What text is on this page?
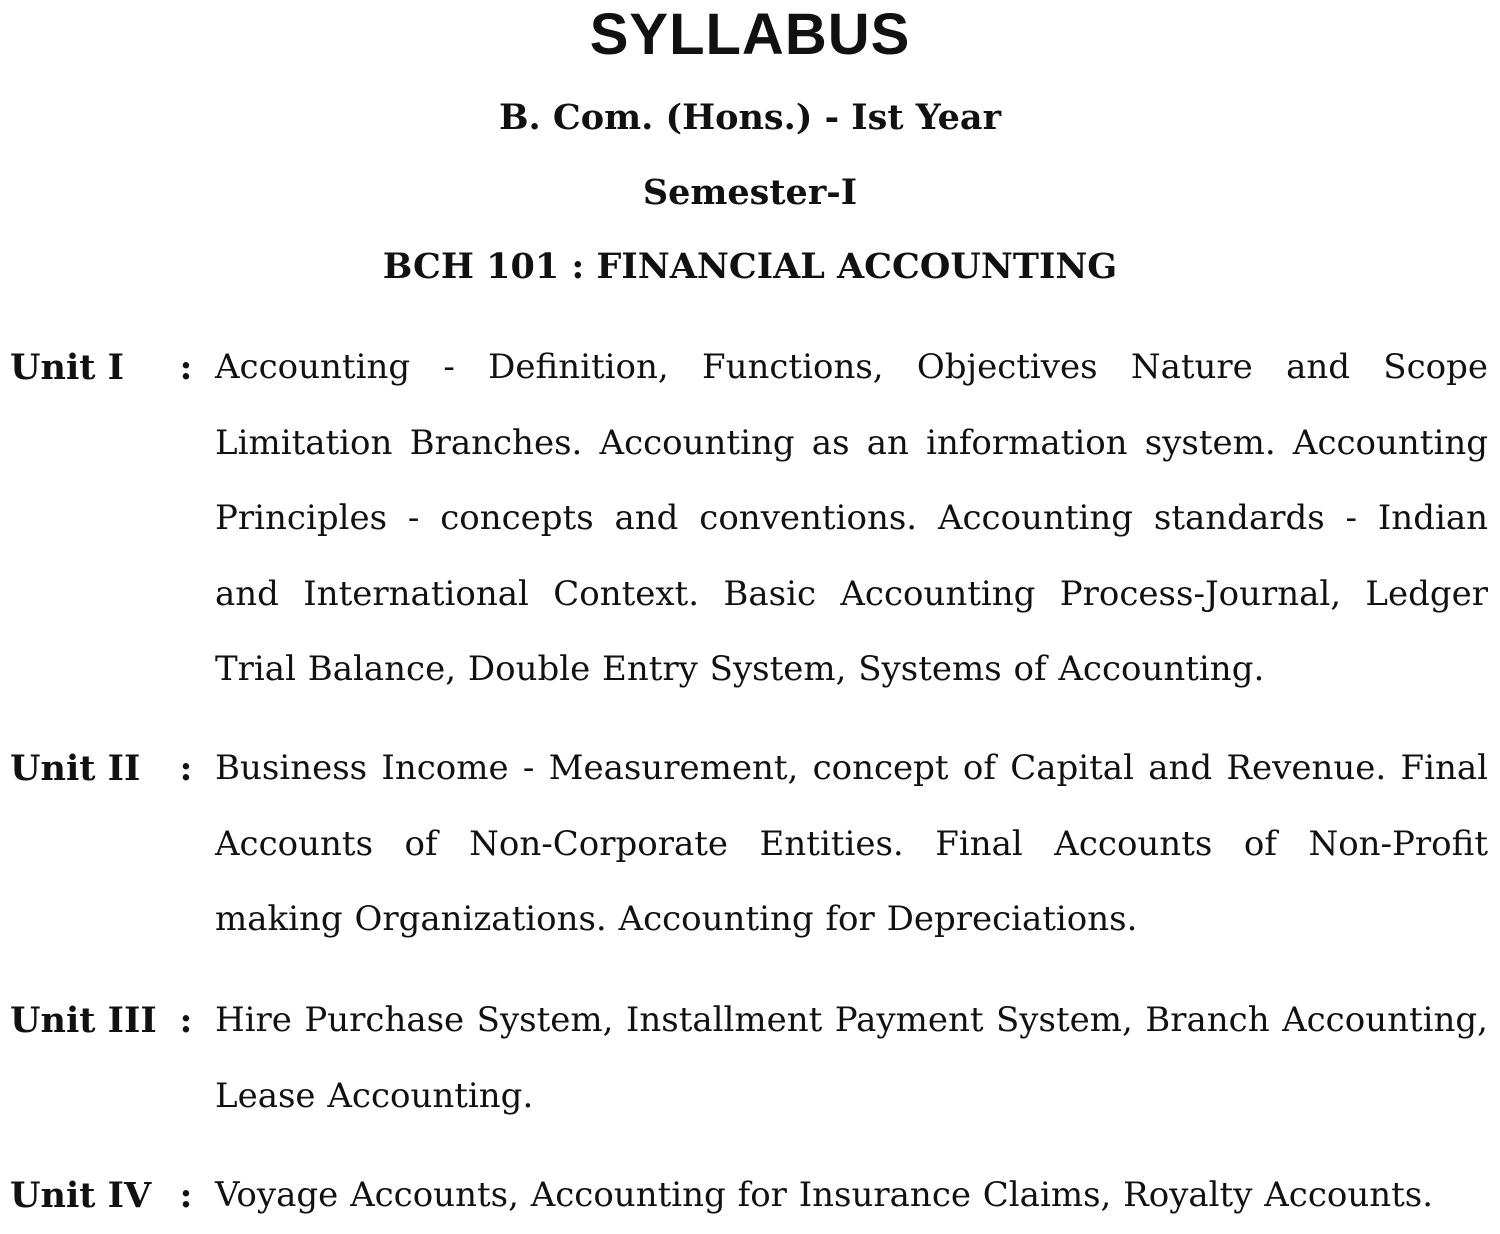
SYLLABUS
B. Com. (Hons.) - Ist Year
Semester-I
BCH 101 : FINANCIAL ACCOUNTING
Unit I	: Accounting - Definition, Functions, Objectives Nature and Scope Limitation Branches. Accounting as an information system. Accounting Principles - concepts and conventions. Accounting standards - Indian and International Context. Basic Accounting Process-Journal, Ledger Trial Balance, Double Entry System, Systems of Accounting.
Unit II	: Business Income - Measurement, concept of Capital and Revenue. Final Accounts of Non-Corporate Entities. Final Accounts of Non-Profit making Organizations. Accounting for Depreciations.
Unit III : Hire Purchase System, Installment Payment System, Branch Accounting, Lease Accounting.
Unit IV : Voyage Accounts, Accounting for Insurance Claims, Royalty Accounts.
